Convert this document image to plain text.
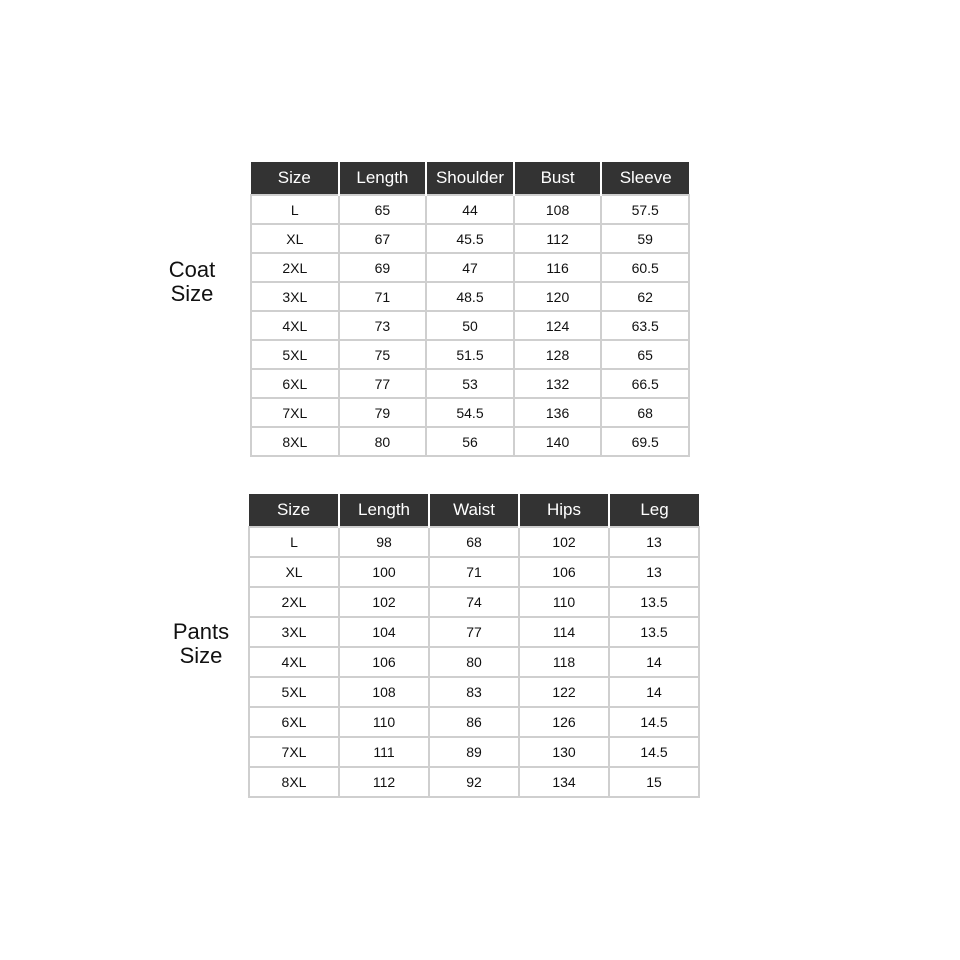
Coat
Size
Size	Length	Shoulder	Bust	Sleeve
L	65	44	108	57.5
XL	67	45.5	112	59
2XL	69	47	116	60.5
3XL	71	48.5	120	62
4XL	73	50	124	63.5
5XL	75	51.5	128	65
6XL	77	53	132	66.5
7XL	79	54.5	136	68
8XL	80	56	140	69.5
Pants
Size
Size	Length	Waist	Hips	Leg
L	98	68	102	13
XL	100	71	106	13
2XL	102	74	110	13.5
3XL	104	77	114	13.5
4XL	106	80	118	14
5XL	108	83	122	14
6XL	110	86	126	14.5
7XL	111	89	130	14.5
8XL	112	92	134	15
